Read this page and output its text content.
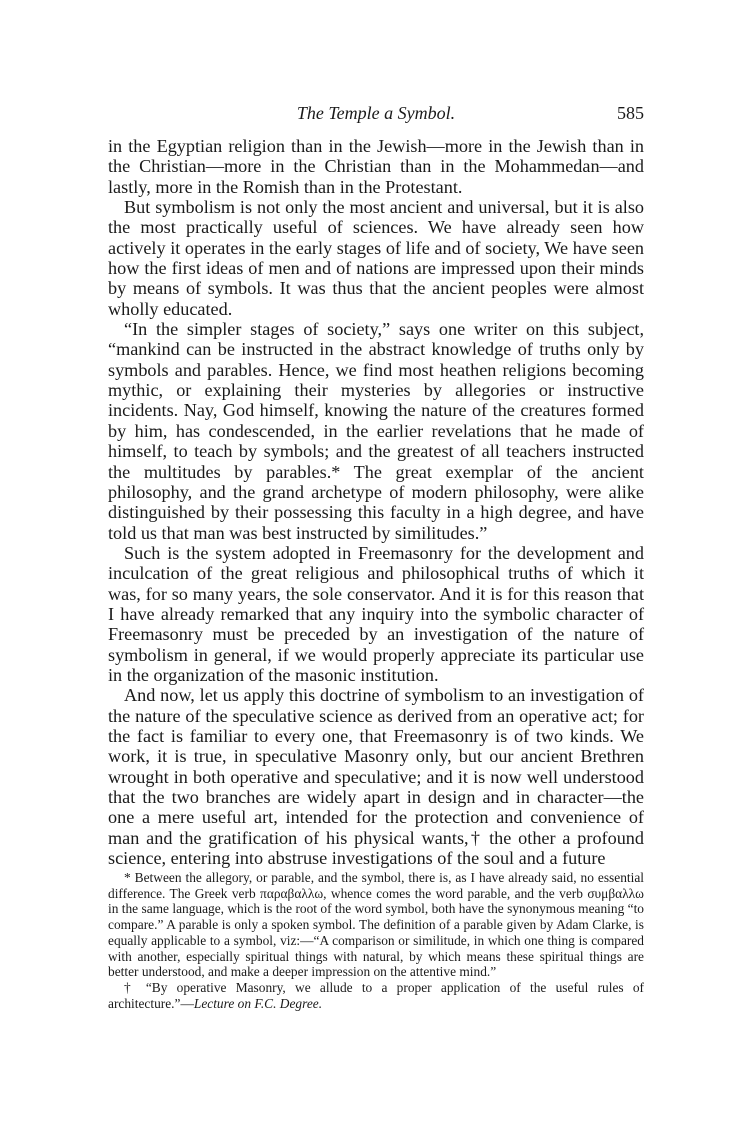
The Temple a Symbol.	585

in the Egyptian religion than in the Jewish—more in the Jewish than in the Christian—more in the Christian than in the Mohammedan—and lastly, more in the Romish than in the Protestant.

But symbolism is not only the most ancient and universal, but it is also the most practically useful of sciences. We have already seen how actively it operates in the early stages of life and of society, We have seen how the first ideas of men and of nations are impressed upon their minds by means of symbols. It was thus that the ancient peoples were almost wholly educated.

“In the simpler stages of society,” says one writer on this subject, “mankind can be instructed in the abstract knowledge of truths only by symbols and parables. Hence, we find most heathen religions becoming mythic, or explaining their mysteries by allegories or instructive incidents. Nay, God himself, knowing the nature of the creatures formed by him, has condescended, in the earlier revelations that he made of himself, to teach by symbols; and the greatest of all teachers instructed the multitudes by parables.* The great exemplar of the ancient philosophy, and the grand archetype of modern philosophy, were alike distinguished by their possessing this faculty in a high degree, and have told us that man was best instructed by similitudes.”

Such is the system adopted in Freemasonry for the development and inculcation of the great religious and philosophical truths of which it was, for so many years, the sole conservator. And it is for this reason that I have already remarked that any inquiry into the symbolic character of Freemasonry must be preceded by an investigation of the nature of symbolism in general, if we would properly appreciate its particular use in the organization of the masonic institution.

And now, let us apply this doctrine of symbolism to an investigation of the nature of the speculative science as derived from an operative act; for the fact is familiar to every one, that Freemasonry is of two kinds. We work, it is true, in speculative Masonry only, but our ancient Brethren wrought in both operative and speculative; and it is now well understood that the two branches are widely apart in design and in character—the one a mere useful art, intended for the protection and convenience of man and the gratification of his physical wants,† the other a profound science, entering into abstruse investigations of the soul and a future

* Between the allegory, or parable, and the symbol, there is, as I have already said, no essential difference. The Greek verb παραβαλλω, whence comes the word parable, and the verb συμβαλλω in the same language, which is the root of the word symbol, both have the synonymous meaning “to compare.” A parable is only a spoken symbol. The definition of a parable given by Adam Clarke, is equally applicable to a symbol, viz:—“A comparison or similitude, in which one thing is compared with another, especially spiritual things with natural, by which means these spiritual things are better understood, and make a deeper impression on the attentive mind.”

† “By operative Masonry, we allude to a proper application of the useful rules of architecture.”—Lecture on F.C. Degree.
